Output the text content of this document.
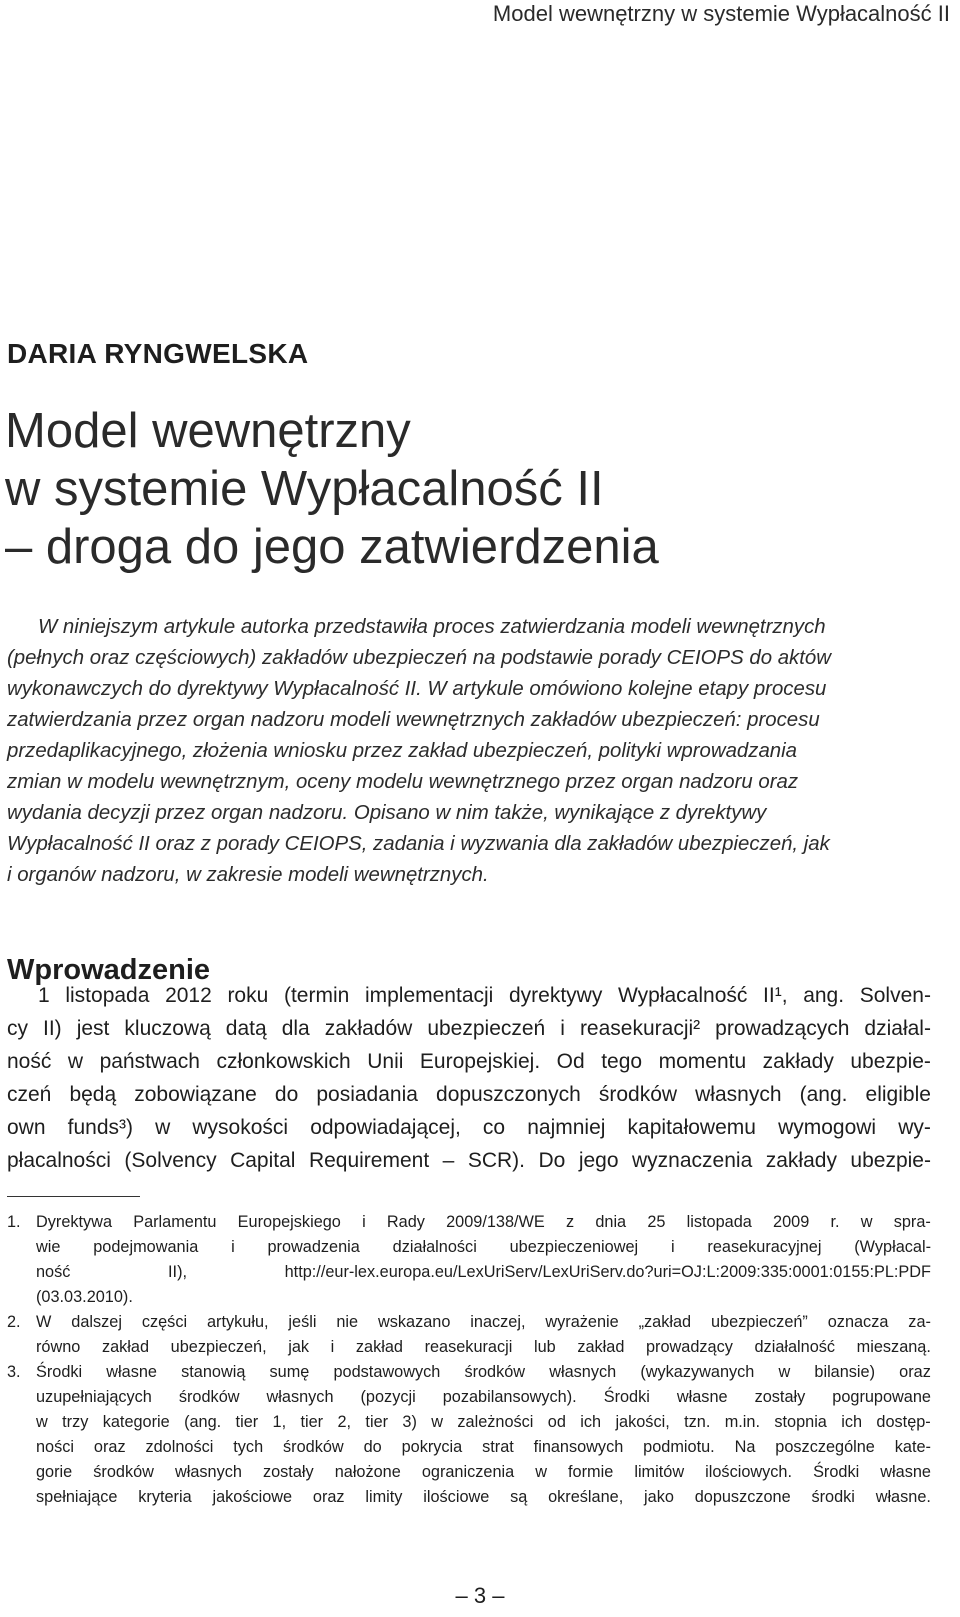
Model wewnętrzny w systemie Wypłacalność II
DARIA RYNGWELSKA
Model wewnętrzny
w systemie Wypłacalność II
– droga do jego zatwierdzenia
W niniejszym artykule autorka przedstawiła proces zatwierdzania modeli wewnętrznych
(pełnych oraz częściowych) zakładów ubezpieczeń na podstawie porady CEIOPS do aktów
wykonawczych do dyrektywy Wypłacalność II. W artykule omówiono kolejne etapy procesu
zatwierdzania przez organ nadzoru modeli wewnętrznych zakładów ubezpieczeń: procesu
przedaplikacyjnego, złożenia wniosku przez zakład ubezpieczeń, polityki wprowadzania
zmian w modelu wewnętrznym, oceny modelu wewnętrznego przez organ nadzoru oraz
wydania decyzji przez organ nadzoru. Opisano w nim także, wynikające z dyrektywy
Wypłacalność II oraz z porady CEIOPS, zadania i wyzwania dla zakładów ubezpieczeń, jak
i organów nadzoru, w zakresie modeli wewnętrznych.
Wprowadzenie
1 listopada 2012 roku (termin implementacji dyrektywy Wypłacalność II¹, ang. Solven-
cy II) jest kluczową datą dla zakładów ubezpieczeń i reasekuracji² prowadzących działal-
ność w państwach członkowskich Unii Europejskiej. Od tego momentu zakłady ubezpie-
czeń będą zobowiązane do posiadania dopuszczonych środków własnych (ang. eligible
own funds³) w wysokości odpowiadającej, co najmniej kapitałowemu wymogowi wy-
płacalności (Solvency Capital Requirement – SCR). Do jego wyznaczenia zakłady ubezpie-
1. Dyrektywa Parlamentu Europejskiego i Rady 2009/138/WE z dnia 25 listopada 2009 r. w spra-
wie podejmowania i prowadzenia działalności ubezpieczeniowej i reasekuracyjnej (Wypłacal-
ność	II),	http://eur-lex.europa.eu/LexUriServ/LexUriServ.do?uri=OJ:L:2009:335:0001:0155:PL:PDF
(03.03.2010).
2. W dalszej części artykułu, jeśli nie wskazano inaczej, wyrażenie „zakład ubezpieczeń” oznacza za-
równo zakład ubezpieczeń, jak i zakład reasekuracji lub zakład prowadzący działalność mieszaną.
3. Środki własne stanowią sumę podstawowych środków własnych (wykazywanych w bilansie) oraz
uzupełniających środków własnych (pozycji pozabilansowych). Środki własne zostały pogrupowane
w trzy kategorie (ang. tier 1, tier 2, tier 3) w zależności od ich jakości, tzn. m.in. stopnia ich dostęp-
ności oraz zdolności tych środków do pokrycia strat finansowych podmiotu. Na poszczególne kate-
gorie środków własnych zostały nałożone ograniczenia w formie limitów ilościowych. Środki własne
spełniające kryteria jakościowe oraz limity ilościowe są określane, jako dopuszczone środki własne.
– 3 –
